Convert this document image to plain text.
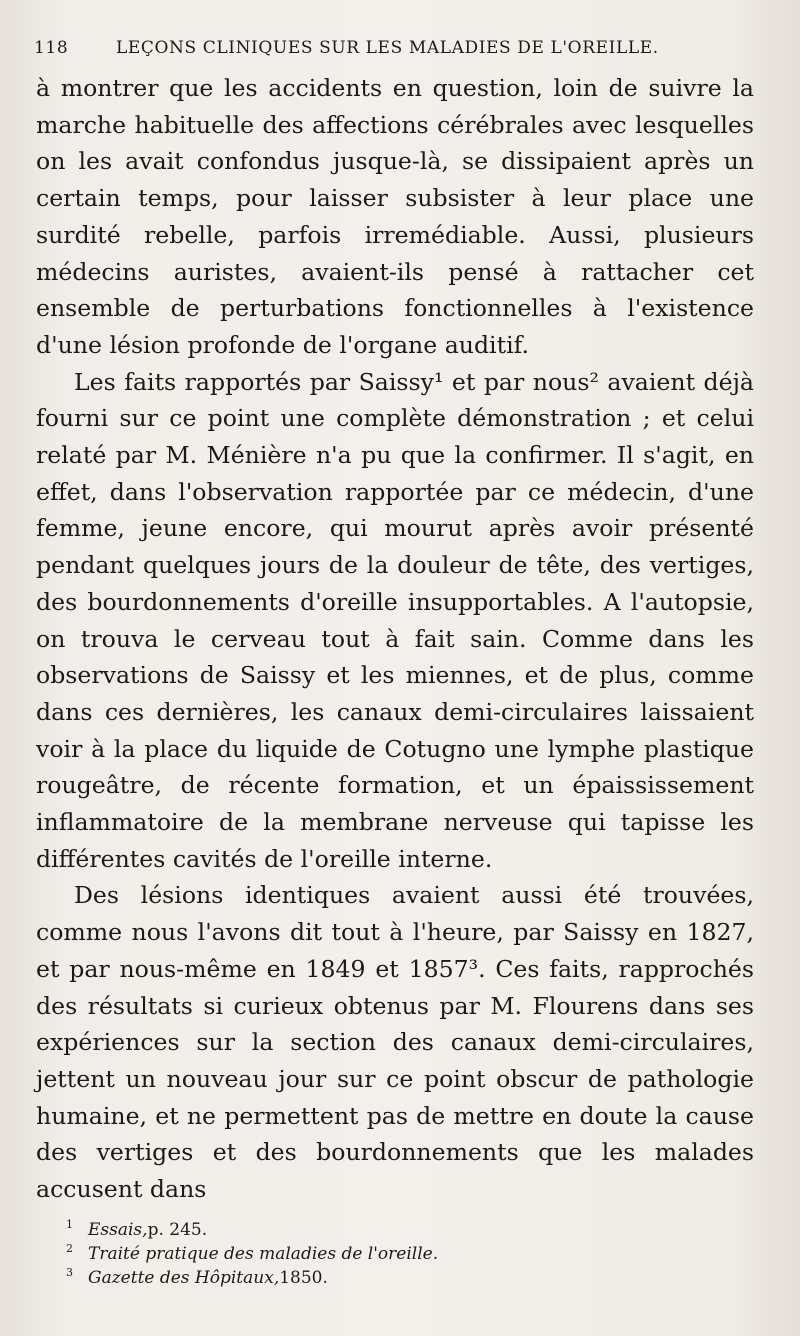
118	LEÇONS CLINIQUES SUR LES MALADIES DE L'OREILLE.

à montrer que les accidents en question, loin de suivre la marche habituelle des affections cérébrales avec lesquelles on les avait confondus jusque-là, se dissipaient après un certain temps, pour laisser subsister à leur place une surdité rebelle, parfois irremédiable. Aussi, plusieurs médecins auristes, avaient-ils pensé à rattacher cet ensemble de perturbations fonctionnelles à l'existence d'une lésion profonde de l'organe auditif.

Les faits rapportés par Saissy¹ et par nous² avaient déjà fourni sur ce point une complète démonstration ; et celui relaté par M. Ménière n'a pu que la confirmer. Il s'agit, en effet, dans l'observation rapportée par ce médecin, d'une femme, jeune encore, qui mourut après avoir présenté pendant quelques jours de la douleur de tête, des vertiges, des bourdonnements d'oreille insupportables. A l'autopsie, on trouva le cerveau tout à fait sain. Comme dans les observations de Saissy et les miennes, et de plus, comme dans ces dernières, les canaux demi-circulaires laissaient voir à la place du liquide de Cotugno une lymphe plastique rougeâtre, de récente formation, et un épaississement inflammatoire de la membrane nerveuse qui tapisse les différentes cavités de l'oreille interne.

Des lésions identiques avaient aussi été trouvées, comme nous l'avons dit tout à l'heure, par Saissy en 1827, et par nous-même en 1849 et 1857³. Ces faits, rapprochés des résultats si curieux obtenus par M. Flourens dans ses expériences sur la section des canaux demi-circulaires, jettent un nouveau jour sur ce point obscur de pathologie humaine, et ne permettent pas de mettre en doute la cause des vertiges et des bourdonnements que les malades accusent dans

1 Essais, p. 245.
2 Traité pratique des maladies de l'oreille.
3 Gazette des Hôpitaux, 1850.
